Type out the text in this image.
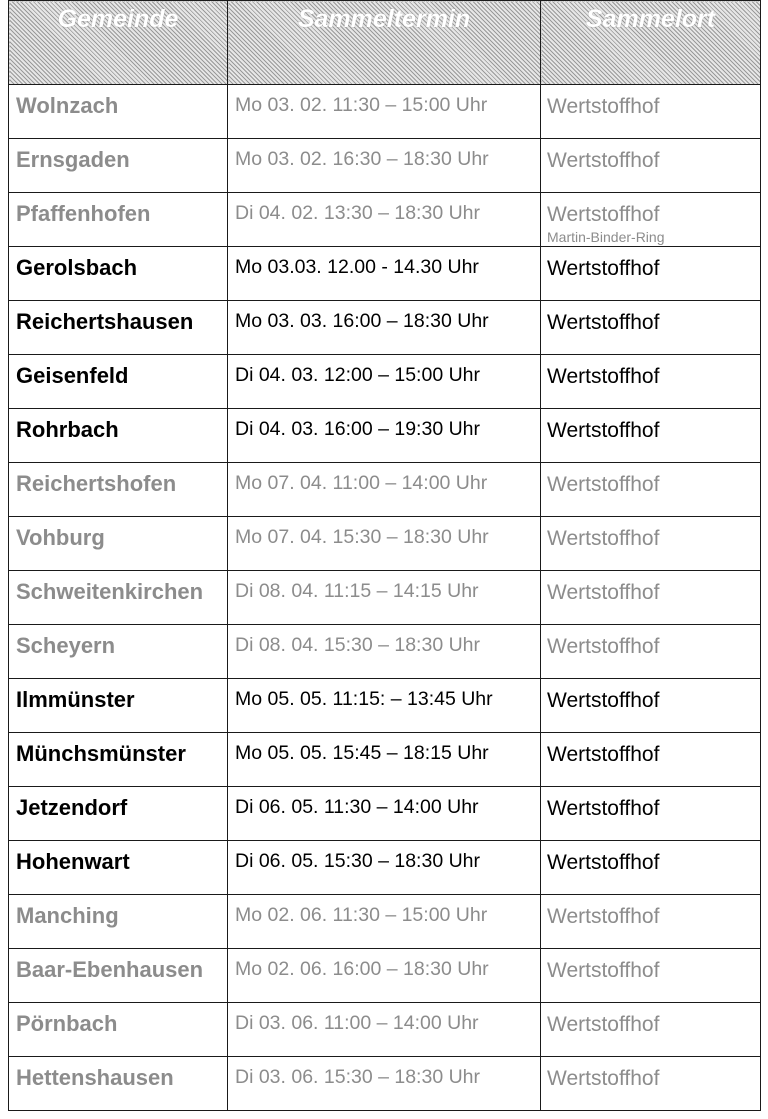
Gemeinde	Sammeltermin	Sammelort

Wolnzach	Mo 03. 02. 11:30 – 15:00 Uhr	Wertstoffhof

Ernsgaden	Mo 03. 02. 16:30 – 18:30 Uhr	Wertstoffhof

Pfaffenhofen	Di 04. 02. 13:30 – 18:30 Uhr	Wertstoffhof
Martin-Binder-Ring

Gerolsbach	Mo 03.03. 12.00 - 14.30 Uhr	Wertstoffhof

Reichertshausen	Mo 03. 03. 16:00 – 18:30 Uhr	Wertstoffhof

Geisenfeld	Di 04. 03. 12:00 – 15:00 Uhr	Wertstoffhof

Rohrbach	Di 04. 03. 16:00 – 19:30 Uhr	Wertstoffhof

Reichertshofen	Mo 07. 04. 11:00 – 14:00 Uhr	Wertstoffhof

Vohburg	Mo 07. 04. 15:30 – 18:30 Uhr	Wertstoffhof

Schweitenkirchen	Di 08. 04. 11:15 – 14:15 Uhr	Wertstoffhof

Scheyern	Di 08. 04. 15:30 – 18:30 Uhr	Wertstoffhof

Ilmmünster	Mo 05. 05. 11:15: – 13:45 Uhr	Wertstoffhof

Münchsmünster	Mo 05. 05. 15:45 – 18:15 Uhr	Wertstoffhof

Jetzendorf	Di 06. 05. 11:30 – 14:00 Uhr	Wertstoffhof

Hohenwart	Di 06. 05. 15:30 – 18:30 Uhr	Wertstoffhof

Manching	Mo 02. 06. 11:30 – 15:00 Uhr	Wertstoffhof

Baar-Ebenhausen	Mo 02. 06. 16:00 – 18:30 Uhr	Wertstoffhof

Pörnbach	Di 03. 06. 11:00 – 14:00 Uhr	Wertstoffhof

Hettenshausen	Di 03. 06. 15:30 – 18:30 Uhr	Wertstoffhof
